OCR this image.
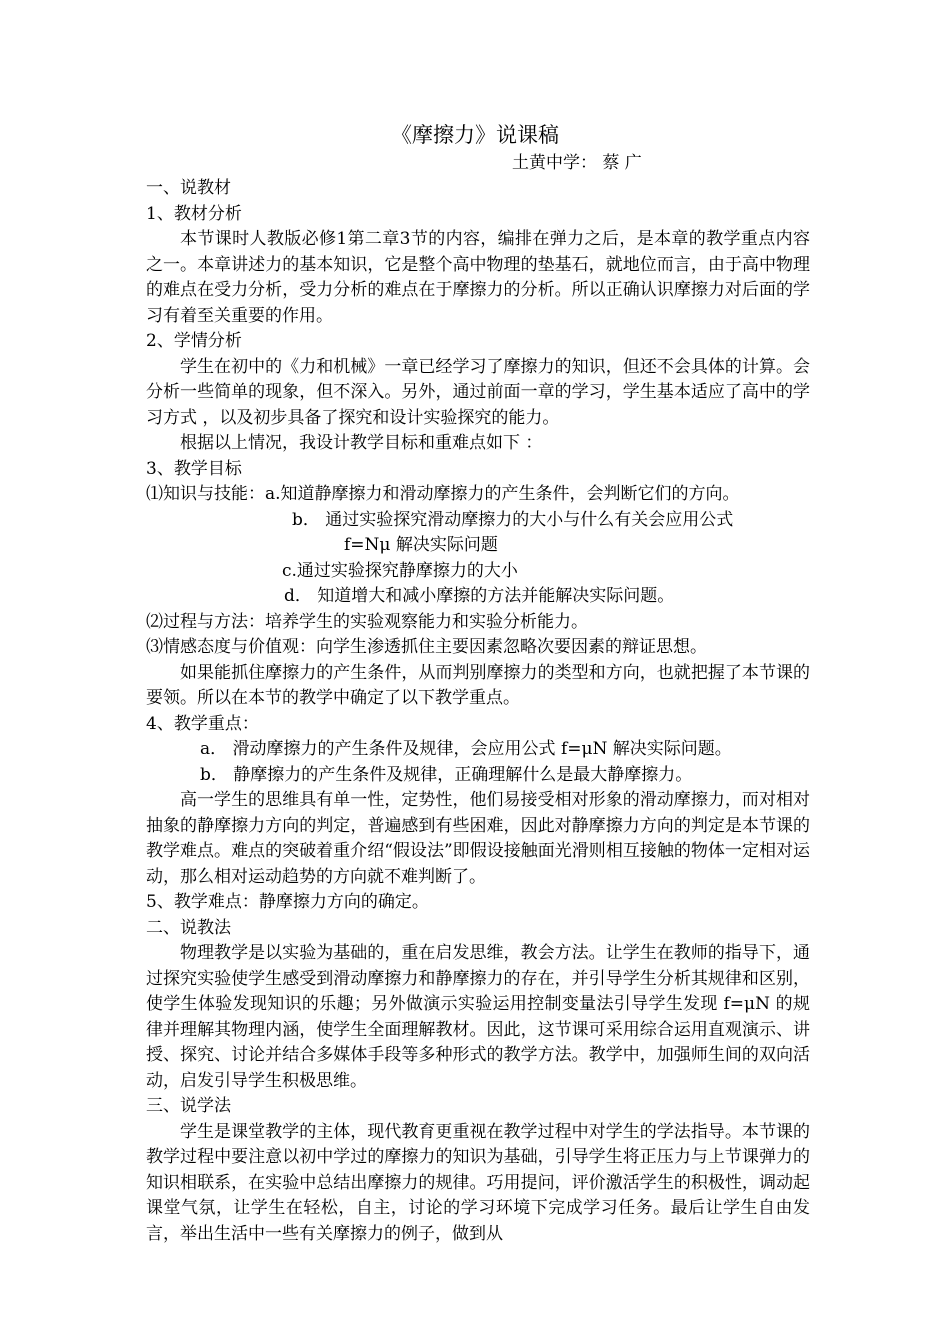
《摩擦力》说课稿
土黄中学： 蔡 广

一、说教材

1、教材分析

本节课时人教版必修1第二章3节的内容，编排在弹力之后，是本章的教学重点内容之一。本章讲述力的基本知识，它是整个高中物理的垫基石，就地位而言，由于高中物理的难点在受力分析，受力分析的难点在于摩擦力的分析。所以正确认识摩擦力对后面的学习有着至关重要的作用。

2、学情分析

学生在初中的《力和机械》一章已经学习了摩擦力的知识，但还不会具体的计算。会分析一些简单的现象，但不深入。另外，通过前面一章的学习，学生基本适应了高中的学习方式 ，以及初步具备了探究和设计实验探究的能力。

根据以上情况，我设计教学目标和重难点如下 ：

3、教学目标

⑴知识与技能：a.知道静摩擦力和滑动摩擦力的产生条件，会判断它们的方向。

b． 通过实验探究滑动摩擦力的大小与什么有关会应用公式

f=Nμ 解决实际问题

c.通过实验探究静摩擦力的大小

d． 知道增大和减小摩擦的方法并能解决实际问题。

⑵过程与方法：培养学生的实验观察能力和实验分析能力。

⑶情感态度与价值观：向学生渗透抓住主要因素忽略次要因素的辩证思想。

如果能抓住摩擦力的产生条件，从而判别摩擦力的类型和方向，也就把握了本节课的要领。所以在本节的教学中确定了以下教学重点。

4、教学重点：

a． 滑动摩擦力的产生条件及规律，会应用公式 f=μN 解决实际问题。

b． 静摩擦力的产生条件及规律，正确理解什么是最大静摩擦力。

高一学生的思维具有单一性，定势性，他们易接受相对形象的滑动摩擦力，而对相对抽象的静摩擦力方向的判定，普遍感到有些困难，因此对静摩擦力方向的判定是本节课的教学难点。难点的突破着重介绍“假设法”即假设接触面光滑则相互接触的物体一定相对运动，那么相对运动趋势的方向就不难判断了。

5、教学难点：静摩擦力方向的确定。

二、说教法

物理教学是以实验为基础的，重在启发思维，教会方法。让学生在教师的指导下，通过探究实验使学生感受到滑动摩擦力和静摩擦力的存在，并引导学生分析其规律和区别，使学生体验发现知识的乐趣；另外做演示实验运用控制变量法引导学生发现 f=μN 的规律并理解其物理内涵，使学生全面理解教材。因此，这节课可采用综合运用直观演示、讲授、探究、讨论并结合多媒体手段等多种形式的教学方法。教学中，加强师生间的双向活动，启发引导学生积极思维。

三、说学法

学生是课堂教学的主体，现代教育更重视在教学过程中对学生的学法指导。本节课的教学过程中要注意以初中学过的摩擦力的知识为基础，引导学生将正压力与上节课弹力的知识相联系，在实验中总结出摩擦力的规律。巧用提问，评价激活学生的积极性，调动起课堂气氛，让学生在轻松，自主，讨论的学习环境下完成学习任务。最后让学生自由发言，举出生活中一些有关摩擦力的例子，做到从
